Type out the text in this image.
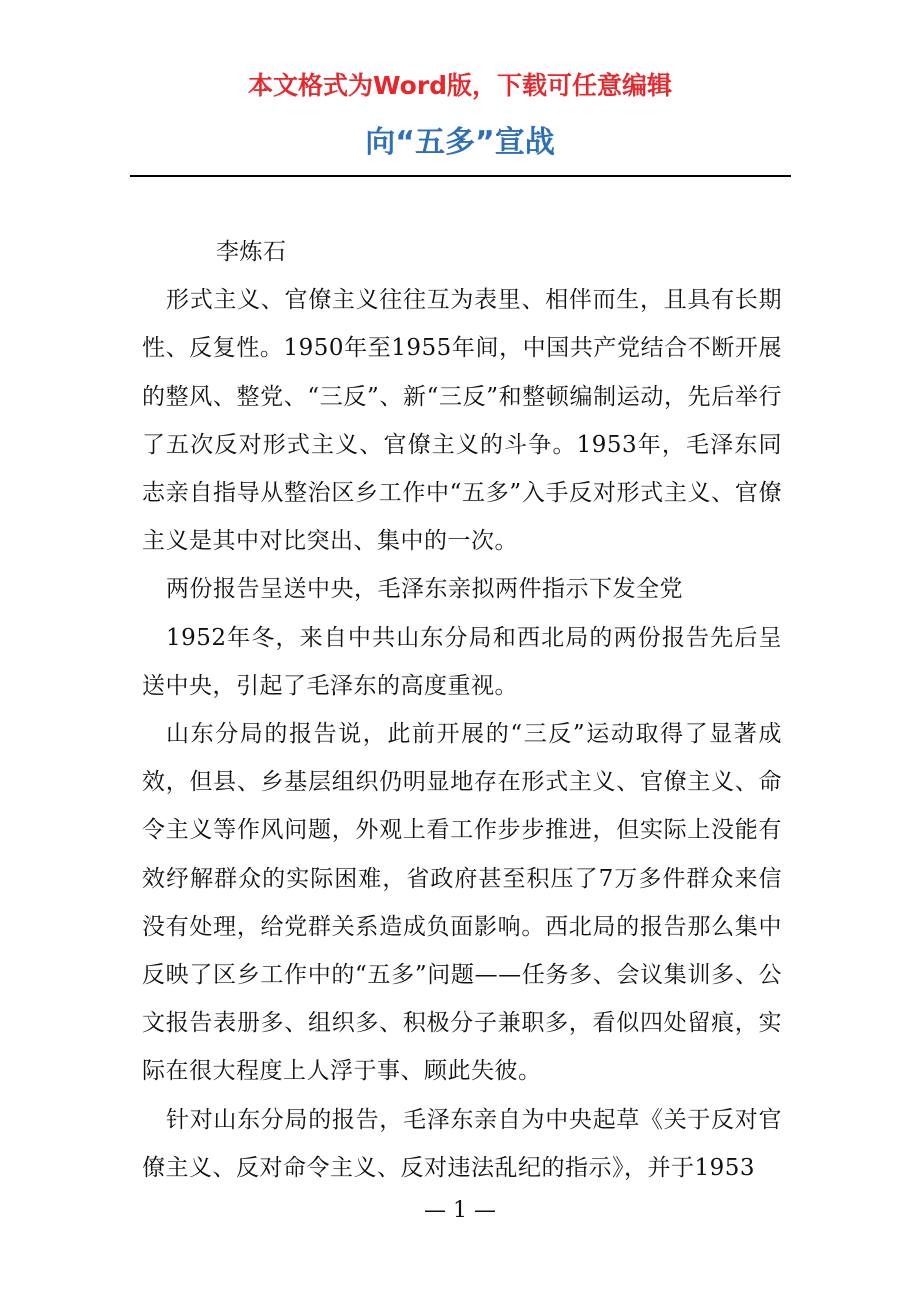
本文格式为Word版，下载可任意编辑
向“五多”宣战

李炼石

形式主义、官僚主义往往互为表里、相伴而生，且具有长期性、反复性。1950年至1955年间，中国共产党结合不断开展的整风、整党、“三反”、新“三反”和整顿编制运动，先后举行了五次反对形式主义、官僚主义的斗争。1953年，毛泽东同志亲自指导从整治区乡工作中“五多”入手反对形式主义、官僚主义是其中对比突出、集中的一次。

两份报告呈送中央，毛泽东亲拟两件指示下发全党

1952年冬，来自中共山东分局和西北局的两份报告先后呈送中央，引起了毛泽东的高度重视。

山东分局的报告说，此前开展的“三反”运动取得了显著成效，但县、乡基层组织仍明显地存在形式主义、官僚主义、命令主义等作风问题，外观上看工作步步推进，但实际上没能有效纾解群众的实际困难，省政府甚至积压了7万多件群众来信没有处理，给党群关系造成负面影响。西北局的报告那么集中反映了区乡工作中的“五多”问题——任务多、会议集训多、公文报告表册多、组织多、积极分子兼职多，看似四处留痕，实际在很大程度上人浮于事、顾此失彼。

针对山东分局的报告，毛泽东亲自为中央起草《关于反对官僚主义、反对命令主义、反对违法乱纪的指示》，并于1953

— 1 —
